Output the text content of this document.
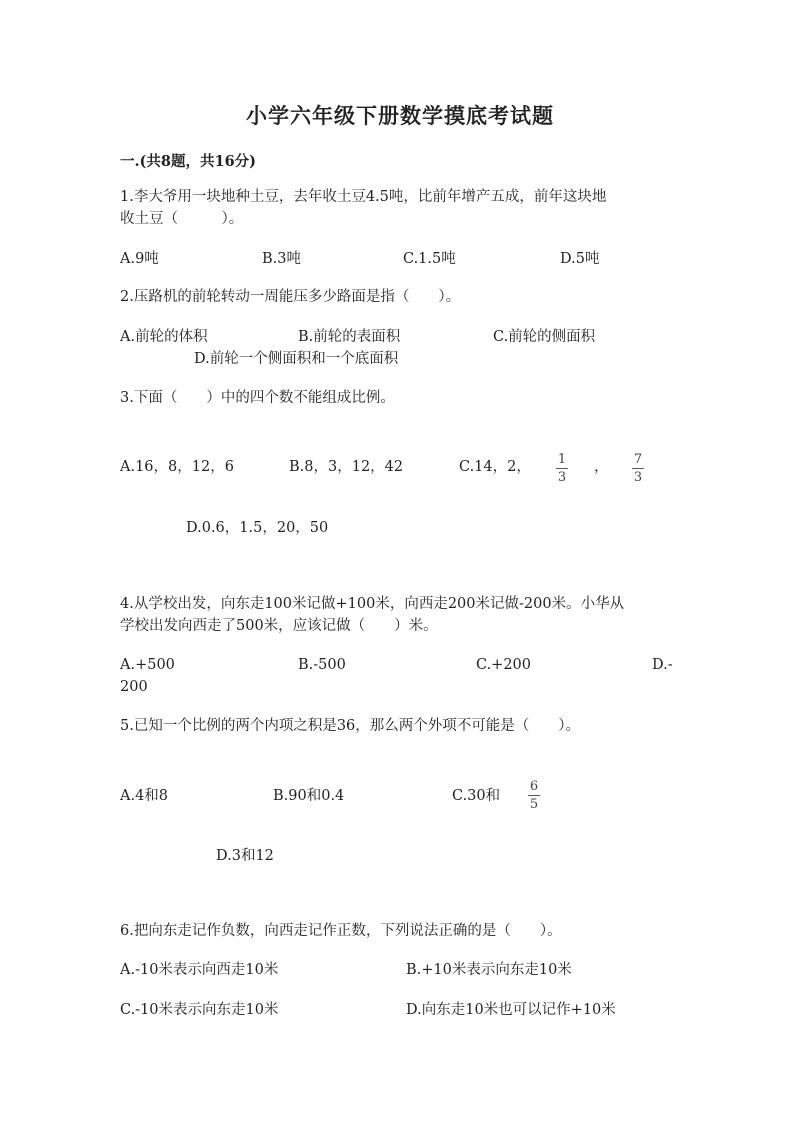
小学六年级下册数学摸底考试题
一.(共8题，共16分)
1.李大爷用一块地种土豆，去年收土豆4.5吨，比前年增产五成，前年这块地
收土豆（　　　）。
A.9吨	B.3吨	C.1.5吨	D.5吨
2.压路机的前轮转动一周能压多少路面是指（　　）。
A.前轮的体积	B.前轮的表面积	C.前轮的侧面积
D.前轮一个侧面积和一个底面积
3.下面（　　）中的四个数不能组成比例。
A.16，8，12，6	B.8，3，12，42	C.14，2， 1
3
， 7
3
D.0.6，1.5，20，50
4.从学校出发，向东走100米记做+100米，向西走200米记做-200米。小华从
学校出发向西走了500米，应该记做（　　）米。
A.+500	B.-500	C.+200	D.-
200
5.已知一个比例的两个内项之积是36，那么两个外项不可能是（　　）。
A.4和8	B.90和0.4	C.30和
6
5
D.3和12
6.把向东走记作负数，向西走记作正数，下列说法正确的是（　　）。
A.-10米表示向西走10米	B.+10米表示向东走10米
C.-10米表示向东走10米	D.向东走10米也可以记作+10米
